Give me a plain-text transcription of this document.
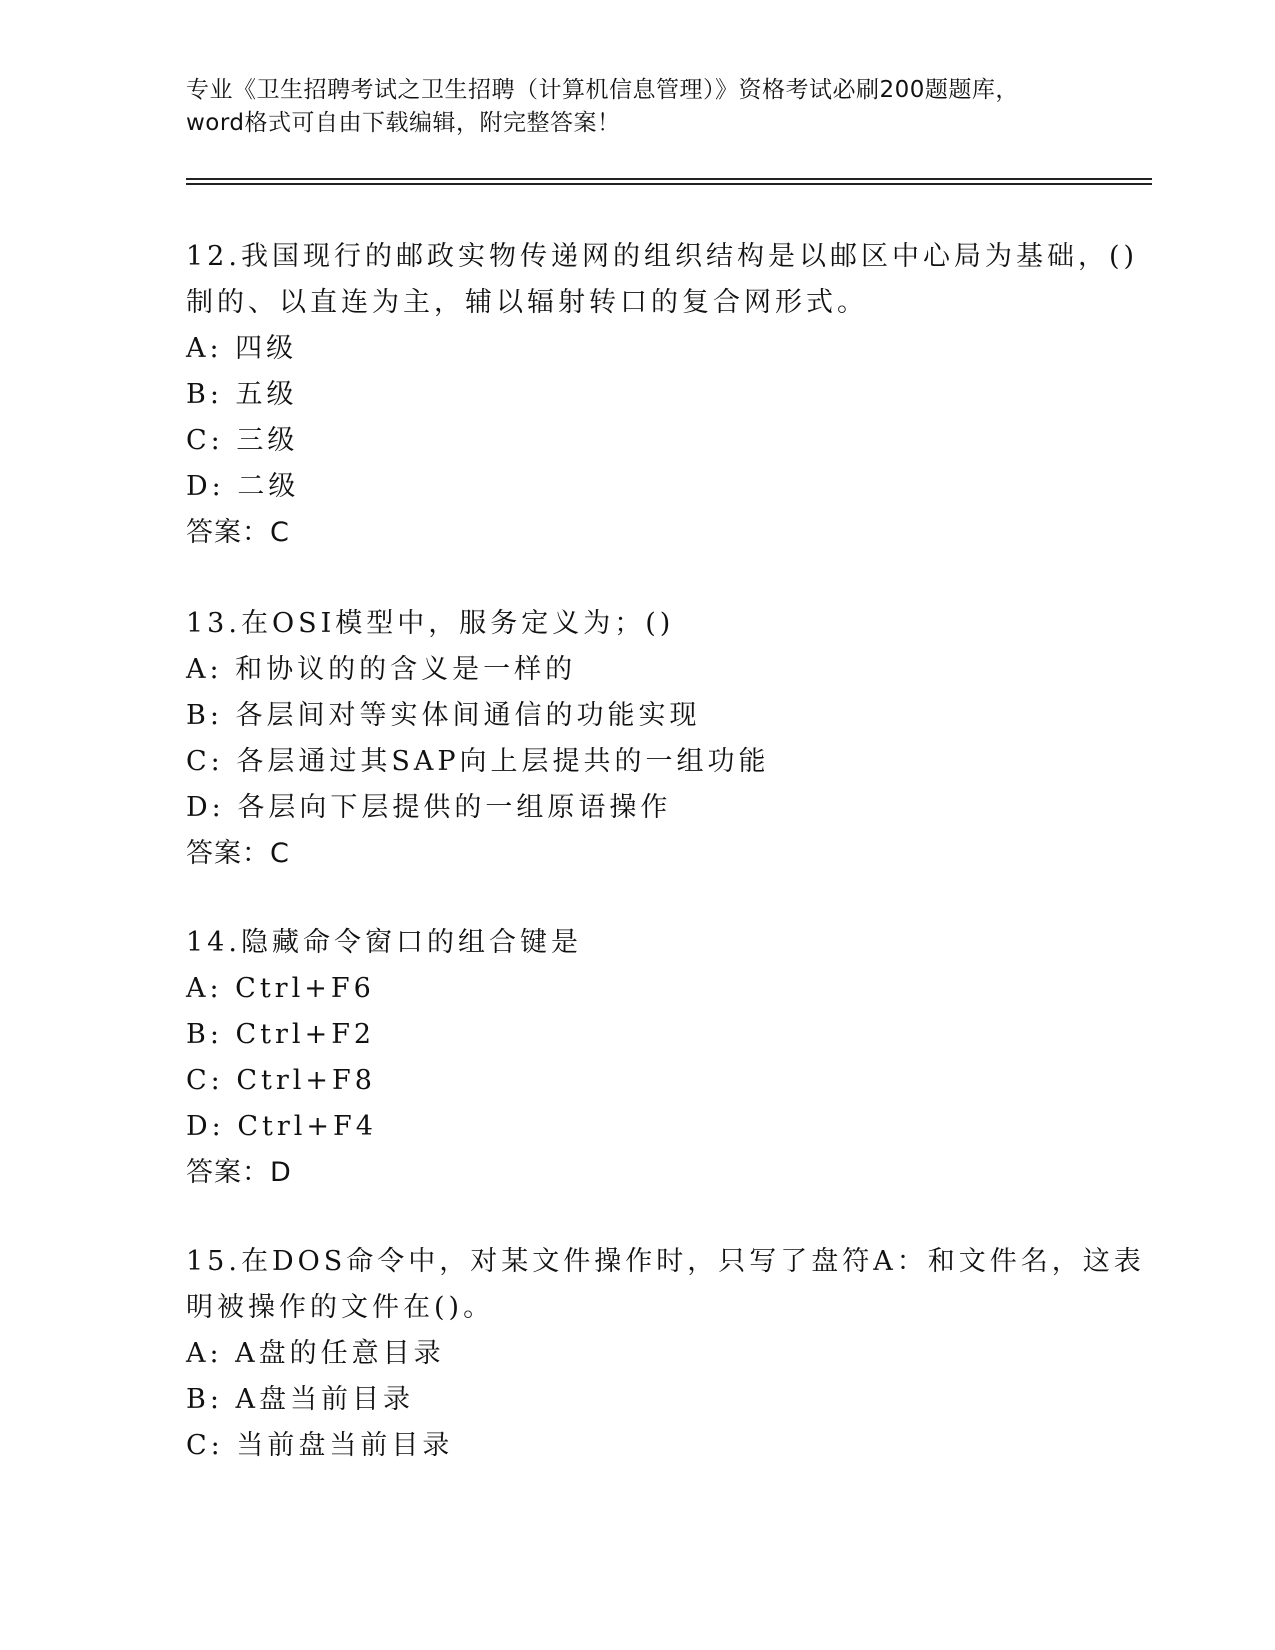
专业《卫生招聘考试之卫生招聘（计算机信息管理）》资格考试必刷200题题库，
word格式可自由下载编辑，附完整答案！
12.我国现行的邮政实物传递网的组织结构是以邮区中心局为基础，()
制的、以直连为主，辅以辐射转口的复合网形式。
A: 四级
B: 五级
C: 三级
D: 二级
答案：C
13.在OSI模型中，服务定义为；()
A: 和协议的的含义是一样的
B: 各层间对等实体间通信的功能实现
C: 各层通过其SAP向上层提共的一组功能
D: 各层向下层提供的一组原语操作
答案：C
14.隐藏命令窗口的组合键是
A: Ctrl+F6
B: Ctrl+F2
C: Ctrl+F8
D: Ctrl+F4
答案：D
15.在DOS命令中，对某文件操作时，只写了盘符A：和文件名，这表
明被操作的文件在()。
A: A盘的任意目录
B: A盘当前目录
C: 当前盘当前目录
